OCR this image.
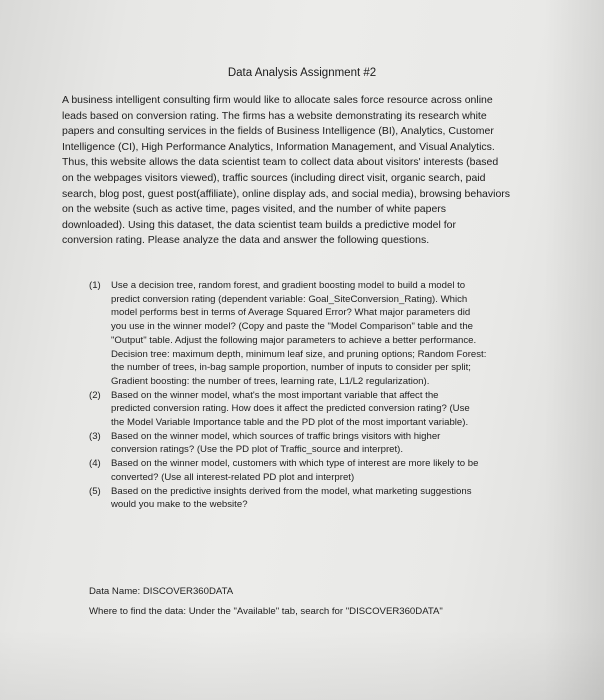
Data Analysis Assignment #2
A business intelligent consulting firm would like to allocate sales force resource across online
leads based on conversion rating. The firms has a website demonstrating its research white
papers and consulting services in the fields of Business Intelligence (BI), Analytics, Customer
Intelligence (CI), High Performance Analytics, Information Management, and Visual Analytics.
Thus, this website allows the data scientist team to collect data about visitors' interests (based
on the webpages visitors viewed), traffic sources (including direct visit, organic search, paid
search, blog post, guest post(affiliate), online display ads, and social media), browsing behaviors
on the website (such as active time, pages visited, and the number of white papers
downloaded). Using this dataset, the data scientist team builds a predictive model for
conversion rating. Please analyze the data and answer the following questions.
(1) Use a decision tree, random forest, and gradient boosting model to build a model to
predict conversion rating (dependent variable: Goal_SiteConversion_Rating). Which
model performs best in terms of Average Squared Error? What major parameters did
you use in the winner model? (Copy and paste the "Model Comparison" table and the
"Output" table. Adjust the following major parameters to achieve a better performance.
Decision tree: maximum depth, minimum leaf size, and pruning options; Random Forest:
the number of trees, in-bag sample proportion, number of inputs to consider per split;
Gradient boosting: the number of trees, learning rate, L1/L2 regularization).
(2) Based on the winner model, what's the most important variable that affect the
predicted conversion rating. How does it affect the predicted conversion rating? (Use
the Model Variable Importance table and the PD plot of the most important variable).
(3) Based on the winner model, which sources of traffic brings visitors with higher
conversion ratings? (Use the PD plot of Traffic_source and interpret).
(4) Based on the winner model, customers with which type of interest are more likely to be
converted? (Use all interest-related PD plot and interpret)
(5) Based on the predictive insights derived from the model, what marketing suggestions
would you make to the website?
Data Name: DISCOVER360DATA
Where to find the data: Under the "Available" tab, search for "DISCOVER360DATA"
